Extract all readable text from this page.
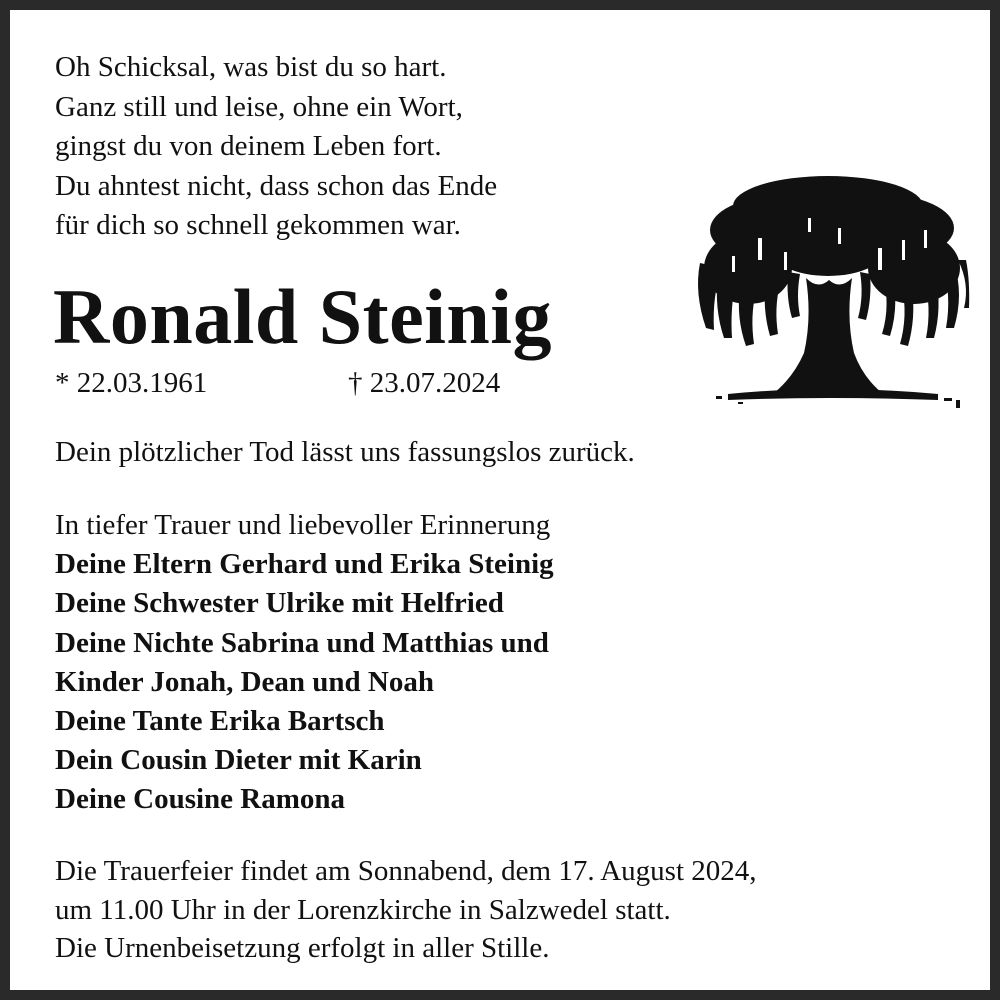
Oh Schicksal, was bist du so hart.
Ganz still und leise, ohne ein Wort,
gingst du von deinem Leben fort.
Du ahntest nicht, dass schon das Ende
für dich so schnell gekommen war.
Ronald Steinig
* 22.03.1961	† 23.07.2024
Dein plötzlicher Tod lässt uns fassungslos zurück.
In tiefer Trauer und liebevoller Erinnerung
Deine Eltern Gerhard und Erika Steinig
Deine Schwester Ulrike mit Helfried
Deine Nichte Sabrina und Matthias und
Kinder Jonah, Dean und Noah
Deine Tante Erika Bartsch
Dein Cousin Dieter mit Karin
Deine Cousine Ramona
Die Trauerfeier findet am Sonnabend, dem 17. August 2024,
um 11.00 Uhr in der Lorenzkirche in Salzwedel statt.
Die Urnenbeisetzung erfolgt in aller Stille.
